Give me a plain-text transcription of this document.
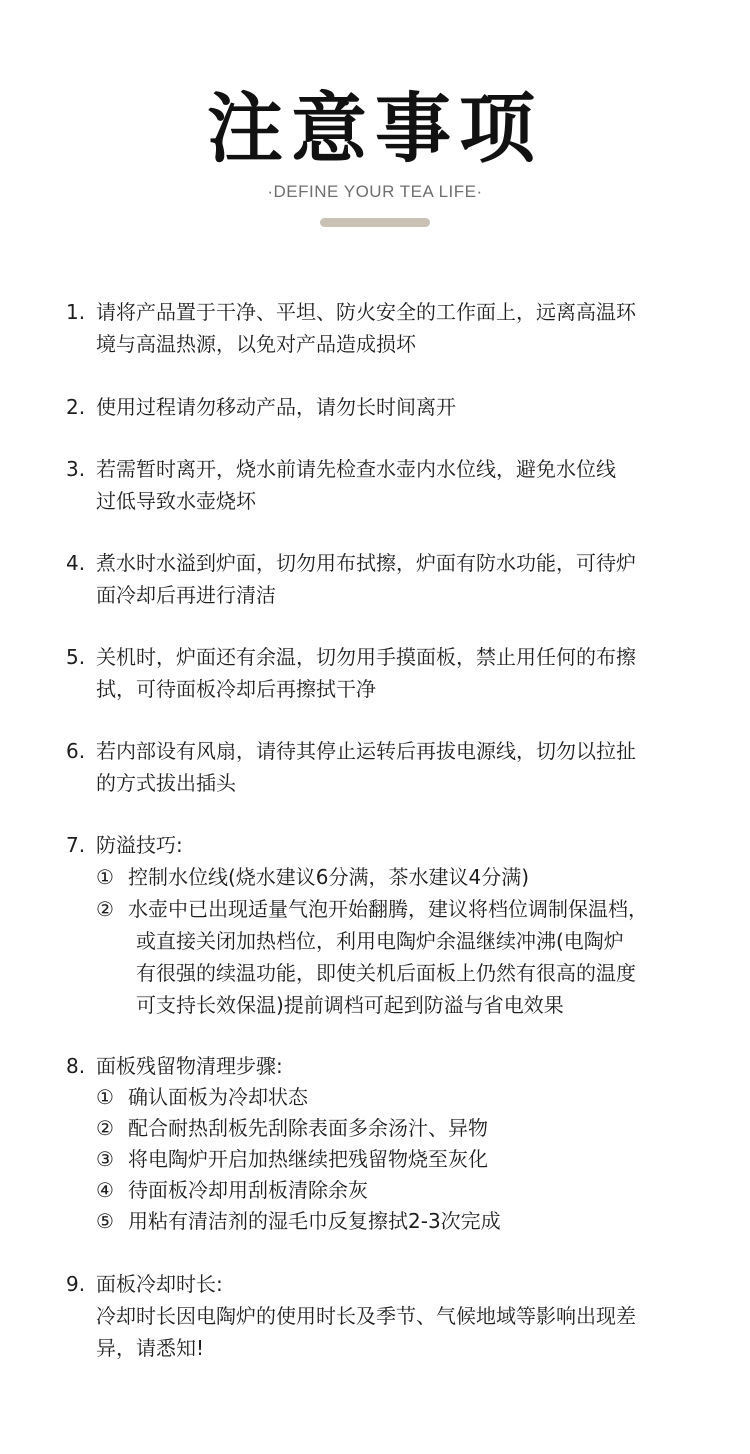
注意事项
·DEFINE YOUR TEA LIFE·
1. 请将产品置于干净、平坦、防火安全的工作面上，远离高温环
境与高温热源，以免对产品造成损坏
2. 使用过程请勿移动产品，请勿长时间离开
3. 若需暂时离开，烧水前请先检查水壶内水位线，避免水位线
过低导致水壶烧坏
4. 煮水时水溢到炉面，切勿用布拭擦，炉面有防水功能，可待炉
面冷却后再进行清洁
5. 关机时，炉面还有余温，切勿用手摸面板，禁止用任何的布擦
拭，可待面板冷却后再擦拭干净
6. 若内部设有风扇，请待其停止运转后再拔电源线，切勿以拉扯
的方式拔出插头
7. 防溢技巧:
① 控制水位线(烧水建议6分满，茶水建议4分满)
② 水壶中已出现适量气泡开始翻腾，建议将档位调制保温档，
或直接关闭加热档位，利用电陶炉余温继续冲沸(电陶炉
有很强的续温功能，即使关机后面板上仍然有很高的温度
可支持长效保温)提前调档可起到防溢与省电效果
8. 面板残留物清理步骤:
① 确认面板为冷却状态
② 配合耐热刮板先刮除表面多余汤汁、异物
③ 将电陶炉开启加热继续把残留物烧至灰化
④ 待面板冷却用刮板清除余灰
⑤ 用粘有清洁剂的湿毛巾反复擦拭2-3次完成
9. 面板冷却时长:
冷却时长因电陶炉的使用时长及季节、气候地域等影响出现差
异，请悉知!
